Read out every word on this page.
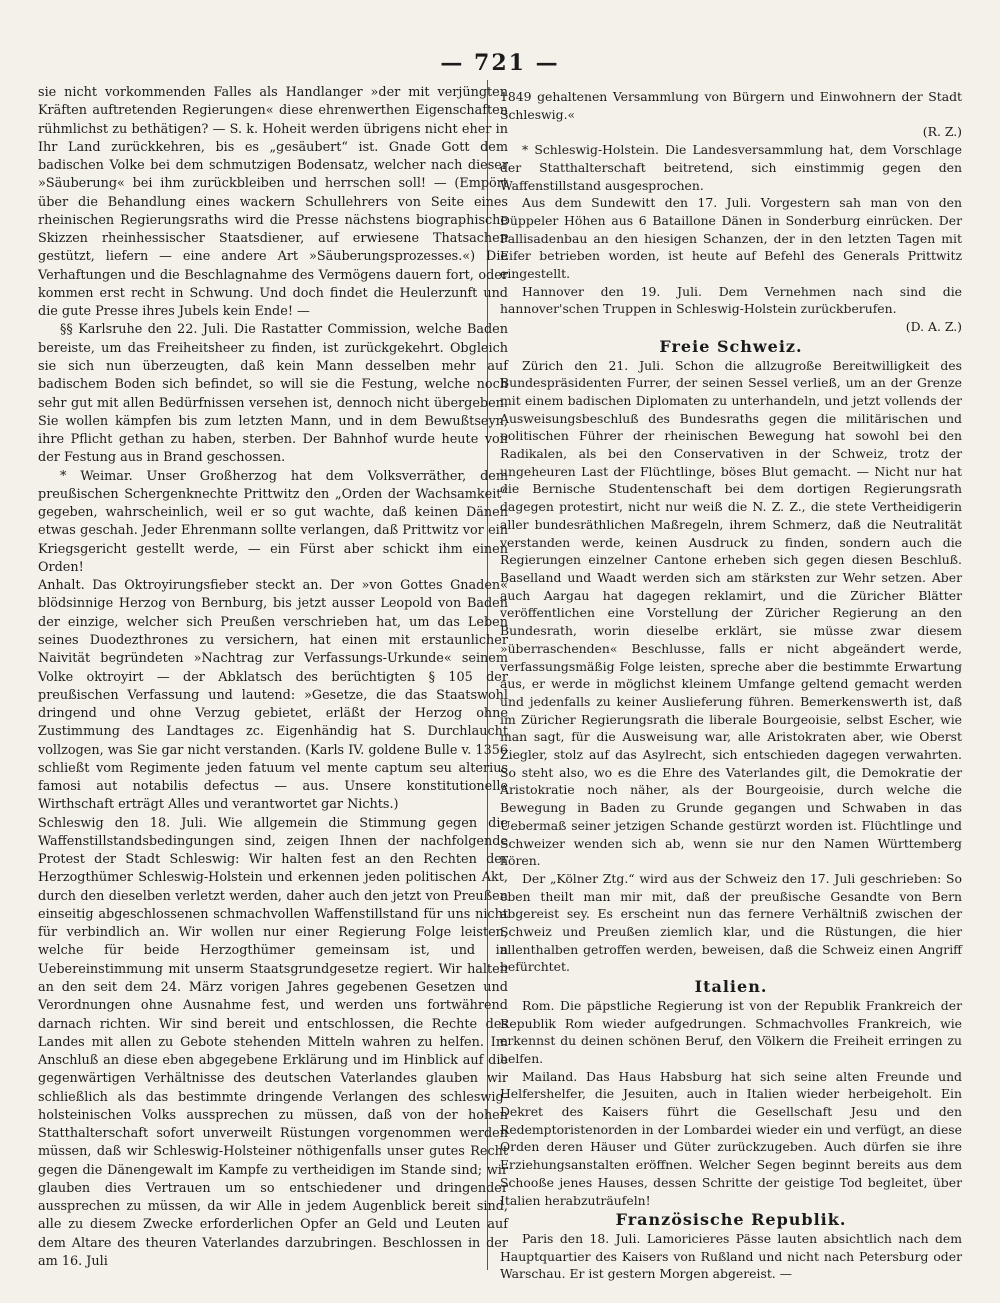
— 721 —

sie nicht vorkommenden Falles als Handlanger »der mit verjüngten Kräften auftretenden Regierungen« diese ehrenwerthen Eigenschaften rühmlichst zu bethätigen? — S. k. Hoheit werden übrigens nicht eher in Ihr Land zurückkehren, bis es „gesäubert“ ist. Gnade Gott dem badischen Volke bei dem schmutzigen Bodensatz, welcher nach dieser »Säuberung« bei ihm zurückbleiben und herrschen soll! — (Empört über die Behandlung eines wackern Schullehrers von Seite eines rheinischen Regierungsraths wird die Presse nächstens biographische Skizzen rheinhessischer Staatsdiener, auf erwiesene Thatsachen gestützt, liefern — eine andere Art »Säuberungsprozesses.«) Die Verhaftungen und die Beschlagnahme des Vermögens dauern fort, oder kommen erst recht in Schwung. Und doch findet die Heulerzunft und die gute Presse ihres Jubels kein Ende! —

§§ Karlsruhe den 22. Juli. Die Rastatter Commission, welche Baden bereiste, um das Freiheitsheer zu finden, ist zurückgekehrt. Obgleich sie sich nun überzeugten, daß kein Mann desselben mehr auf badischem Boden sich befindet, so will sie die Festung, welche noch sehr gut mit allen Bedürfnissen versehen ist, dennoch nicht übergeben. Sie wollen kämpfen bis zum letzten Mann, und in dem Bewußtseyn, ihre Pflicht gethan zu haben, sterben. Der Bahnhof wurde heute von der Festung aus in Brand geschossen.

* Weimar. Unser Großherzog hat dem Volksverräther, dem preußischen Schergenknechte Prittwitz den „Orden der Wachsamkeit“ gegeben, wahrscheinlich, weil er so gut wachte, daß keinen Dänen etwas geschah. Jeder Ehrenmann sollte verlangen, daß Prittwitz vor ein Kriegsgericht gestellt werde, — ein Fürst aber schickt ihm einen Orden!

Anhalt. Das Oktroyirungsfieber steckt an. Der »von Gottes Gnaden« blödsinnige Herzog von Bernburg, bis jetzt ausser Leopold von Baden der einzige, welcher sich Preußen verschrieben hat, um das Leben seines Duodezthrones zu versichern, hat einen mit erstaunlicher Naivität begründeten »Nachtrag zur Verfassungs-Urkunde« seinem Volke oktroyirt — der Abklatsch des berüchtigten § 105 der preußischen Verfassung und lautend: »Gesetze, die das Staatswohl dringend und ohne Verzug gebietet, erläßt der Herzog ohne Zustimmung des Landtages zc. Eigenhändig hat S. Durchlaucht vollzogen, was Sie gar nicht verstanden. (Karls IV. goldene Bulle v. 1356 schließt vom Regimente jeden fatuum vel mente captum seu alterius famosi aut notabilis defectus — aus. Unsere konstitutionelle Wirthschaft erträgt Alles und verantwortet gar Nichts.)

Schleswig den 18. Juli. Wie allgemein die Stimmung gegen die Waffenstillstandsbedingungen sind, zeigen Ihnen der nachfolgende Protest der Stadt Schleswig: Wir halten fest an den Rechten der Herzogthümer Schleswig-Holstein und erkennen jeden politischen Akt, durch den dieselben verletzt werden, daher auch den jetzt von Preußen einseitig abgeschlossenen schmachvollen Waffenstillstand für uns nicht für verbindlich an. Wir wollen nur einer Regierung Folge leisten, welche für beide Herzogthümer gemeinsam ist, und in Uebereinstimmung mit unserm Staatsgrundgesetze regiert. Wir halten an den seit dem 24. März vorigen Jahres gegebenen Gesetzen und Verordnungen ohne Ausnahme fest, und werden uns fortwährend darnach richten. Wir sind bereit und entschlossen, die Rechte des Landes mit allen zu Gebote stehenden Mitteln wahren zu helfen. Im Anschluß an diese eben abgegebene Erklärung und im Hinblick auf die gegenwärtigen Verhältnisse des deutschen Vaterlandes glauben wir schließlich als das bestimmte dringende Verlangen des schleswig-holsteinischen Volks aussprechen zu müssen, daß von der hohen Statthalterschaft sofort unverweilt Rüstungen vorgenommen werden müssen, daß wir Schleswig-Holsteiner nöthigenfalls unser gutes Recht gegen die Dänengewalt im Kampfe zu vertheidigen im Stande sind; wir glauben dies Vertrauen um so entschiedener und dringender aussprechen zu müssen, da wir Alle in jedem Augenblick bereit sind, alle zu diesem Zwecke erforderlichen Opfer an Geld und Leuten auf dem Altare des theuren Vaterlandes darzubringen. Beschlossen in der am 16. Juli

1849 gehaltenen Versammlung von Bürgern und Einwohnern der Stadt Schleswig.«

(R. Z.)

* Schleswig-Holstein. Die Landesversammlung hat, dem Vorschlage der Statthalterschaft beitretend, sich einstimmig gegen den Waffenstillstand ausgesprochen.

Aus dem Sundewitt den 17. Juli. Vorgestern sah man von den Düppeler Höhen aus 6 Bataillone Dänen in Sonderburg einrücken. Der Pallisadenbau an den hiesigen Schanzen, der in den letzten Tagen mit Eifer betrieben worden, ist heute auf Befehl des Generals Prittwitz eingestellt.

Hannover den 19. Juli. Dem Vernehmen nach sind die hannover'schen Truppen in Schleswig-Holstein zurückberufen.

(D. A. Z.)

Freie Schweiz.

Zürich den 21. Juli. Schon die allzugroße Bereitwilligkeit des Bundespräsidenten Furrer, der seinen Sessel verließ, um an der Grenze mit einem badischen Diplomaten zu unterhandeln, und jetzt vollends der Ausweisungsbeschluß des Bundesraths gegen die militärischen und politischen Führer der rheinischen Bewegung hat sowohl bei den Radikalen, als bei den Conservativen in der Schweiz, trotz der ungeheuren Last der Flüchtlinge, böses Blut gemacht. — Nicht nur hat die Bernische Studentenschaft bei dem dortigen Regierungsrath dagegen protestirt, nicht nur weiß die N. Z. Z., die stete Vertheidigerin aller bundesräthlichen Maßregeln, ihrem Schmerz, daß die Neutralität verstanden werde, keinen Ausdruck zu finden, sondern auch die Regierungen einzelner Cantone erheben sich gegen diesen Beschluß. Baselland und Waadt werden sich am stärksten zur Wehr setzen. Aber auch Aargau hat dagegen reklamirt, und die Züricher Blätter veröffentlichen eine Vorstellung der Züricher Regierung an den Bundesrath, worin dieselbe erklärt, sie müsse zwar diesem »überraschenden« Beschlusse, falls er nicht abgeändert werde, verfassungsmäßig Folge leisten, spreche aber die bestimmte Erwartung aus, er werde in möglichst kleinem Umfange geltend gemacht werden und jedenfalls zu keiner Auslieferung führen. Bemerkenswerth ist, daß im Züricher Regierungsrath die liberale Bourgeoisie, selbst Escher, wie man sagt, für die Ausweisung war, alle Aristokraten aber, wie Oberst Ziegler, stolz auf das Asylrecht, sich entschieden dagegen verwahrten. So steht also, wo es die Ehre des Vaterlandes gilt, die Demokratie der Aristokratie noch näher, als der Bourgeoisie, durch welche die Bewegung in Baden zu Grunde gegangen und Schwaben in das Uebermaß seiner jetzigen Schande gestürzt worden ist. Flüchtlinge und Schweizer wenden sich ab, wenn sie nur den Namen Württemberg hören.

Der „Kölner Ztg.“ wird aus der Schweiz den 17. Juli geschrieben: So eben theilt man mir mit, daß der preußische Gesandte von Bern abgereist sey. Es erscheint nun das fernere Verhältniß zwischen der Schweiz und Preußen ziemlich klar, und die Rüstungen, die hier allenthalben getroffen werden, beweisen, daß die Schweiz einen Angriff befürchtet.

Italien.

Rom. Die päpstliche Regierung ist von der Republik Frankreich der Republik Rom wieder aufgedrungen. Schmachvolles Frankreich, wie erkennst du deinen schönen Beruf, den Völkern die Freiheit erringen zu helfen.

Mailand. Das Haus Habsburg hat sich seine alten Freunde und Helfershelfer, die Jesuiten, auch in Italien wieder herbeigeholt. Ein Dekret des Kaisers führt die Gesellschaft Jesu und den Redemptoristenorden in der Lombardei wieder ein und verfügt, an diese Orden deren Häuser und Güter zurückzugeben. Auch dürfen sie ihre Erziehungsanstalten eröffnen. Welcher Segen beginnt bereits aus dem Schooße jenes Hauses, dessen Schritte der geistige Tod begleitet, über Italien herabzuträufeln!

Französische Republik.

Paris den 18. Juli. Lamoricieres Pässe lauten absichtlich nach dem Hauptquartier des Kaisers von Rußland und nicht nach Petersburg oder Warschau. Er ist gestern Morgen abgereist. —
